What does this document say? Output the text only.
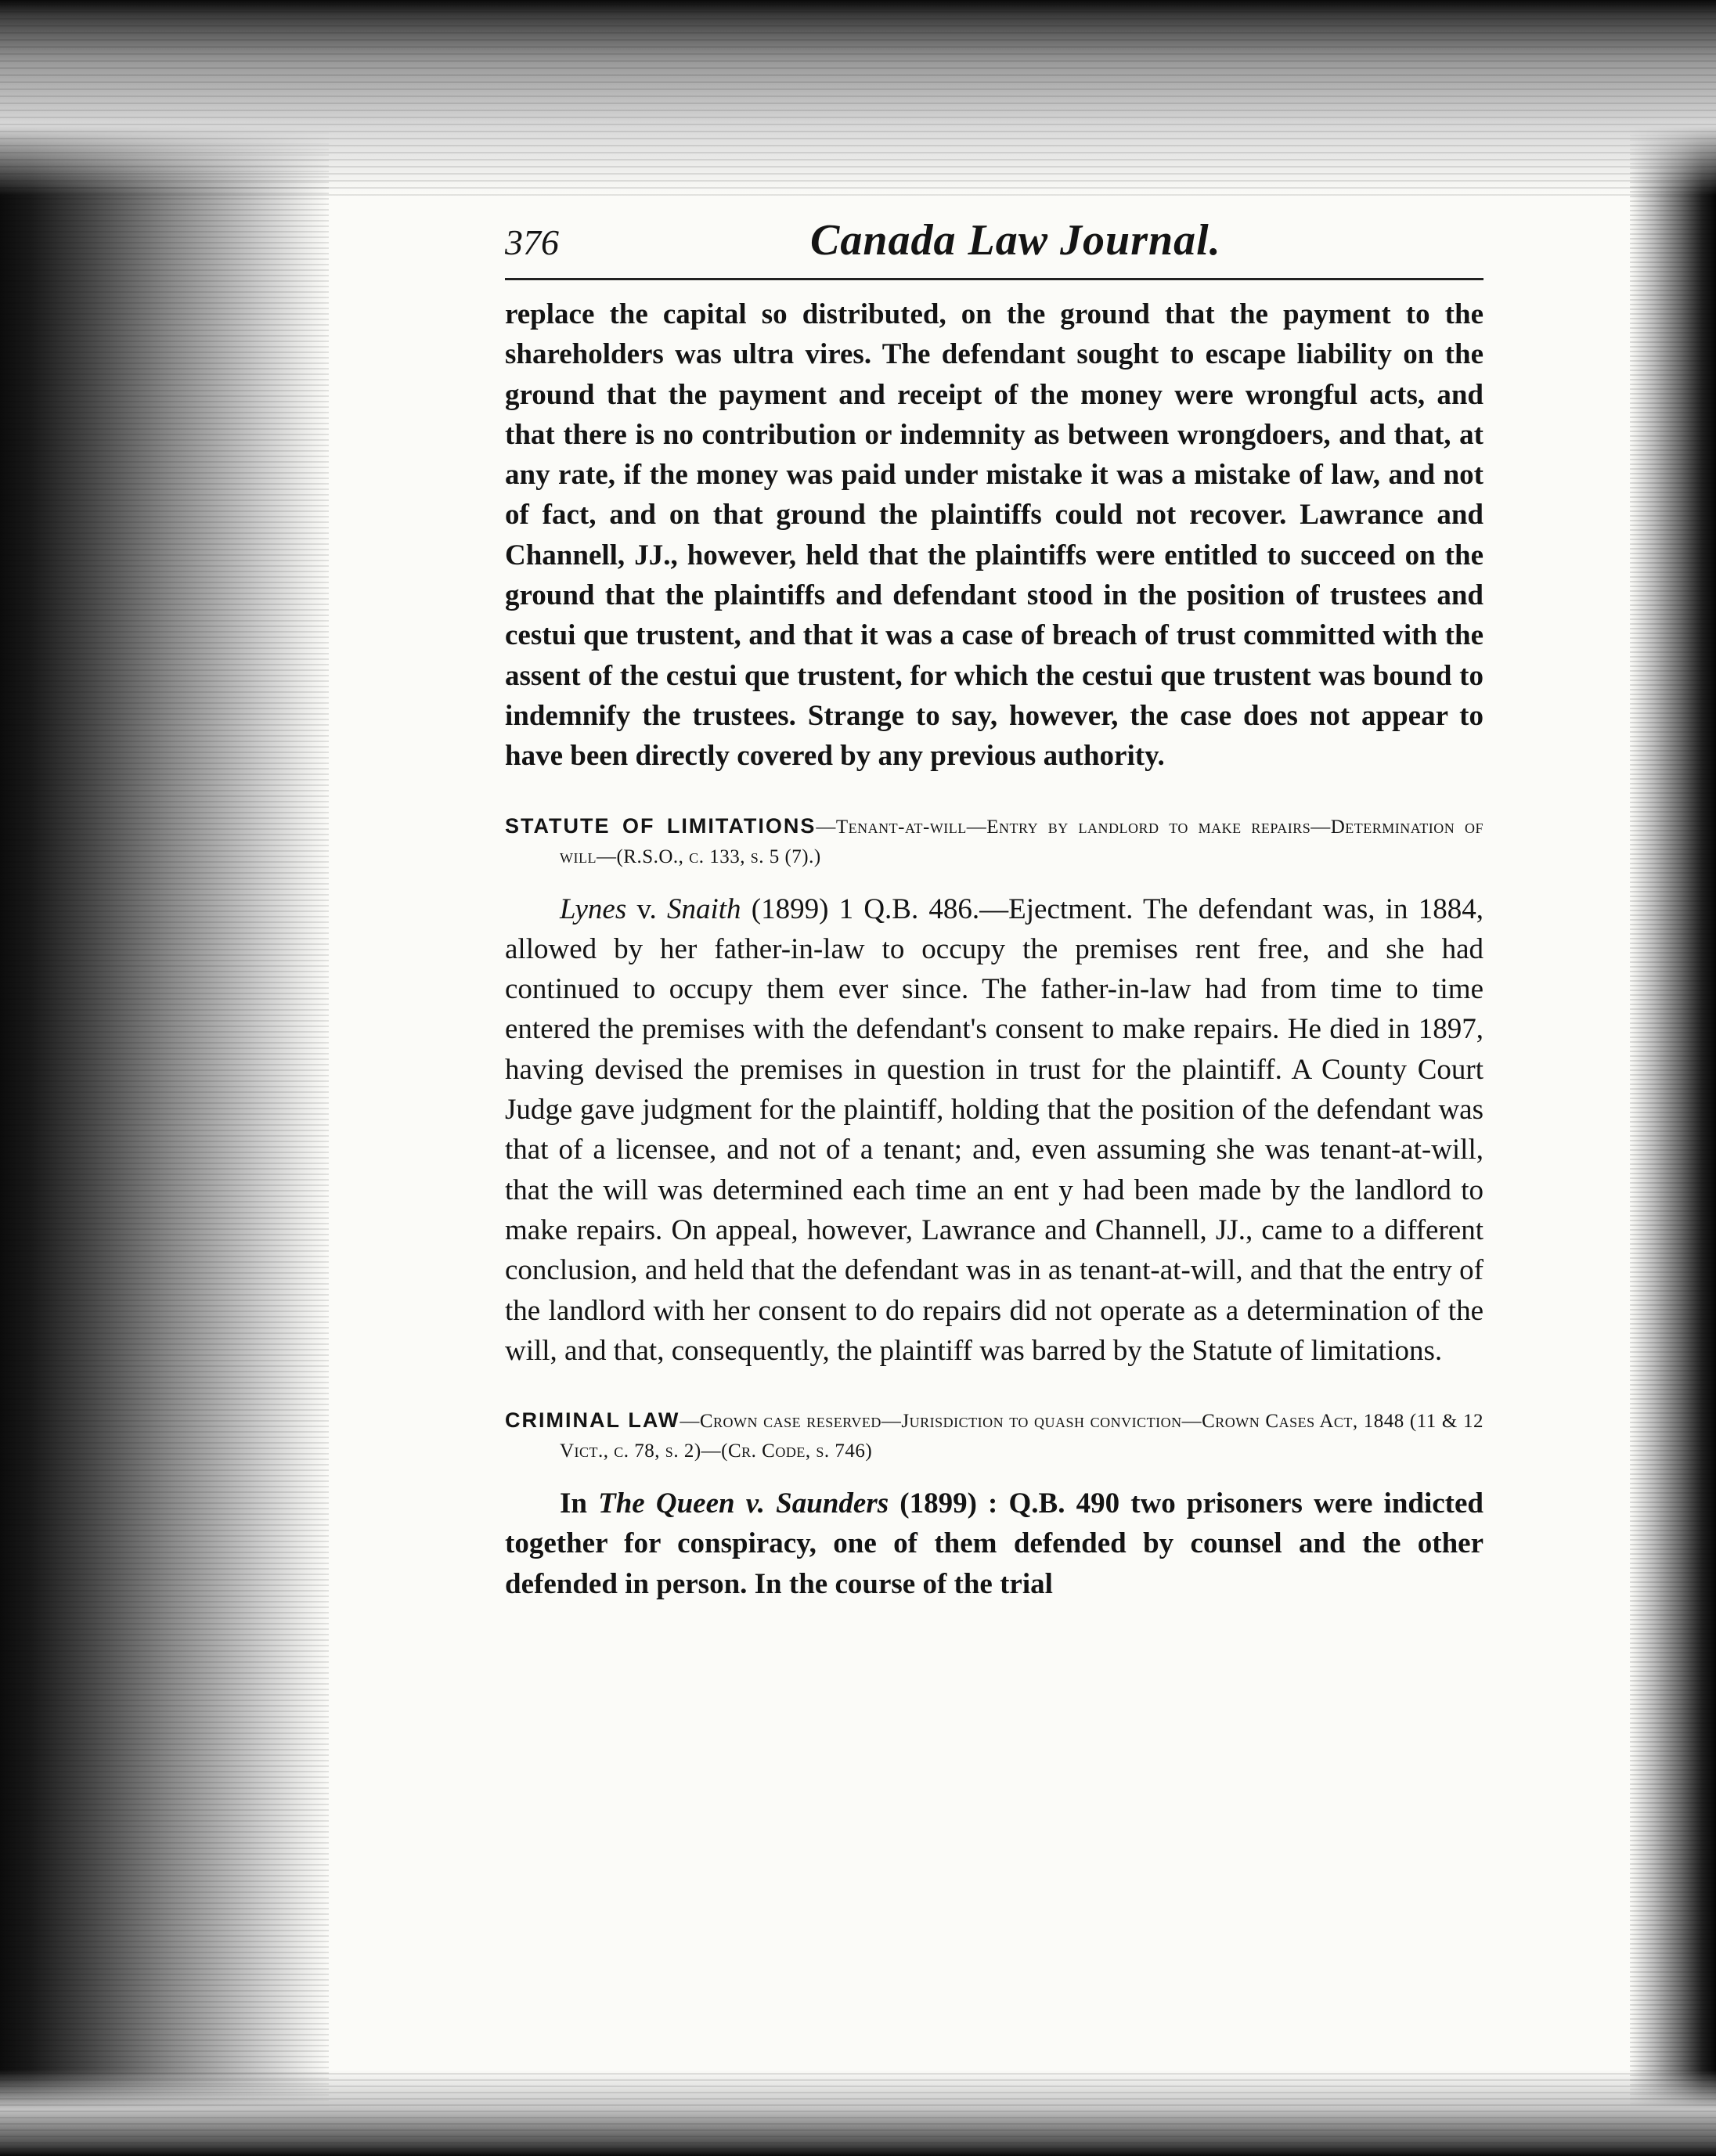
376	Canada Law Journal.

replace the capital so distributed, on the ground that the payment to the shareholders was ultra vires. The defendant sought to escape liability on the ground that the payment and receipt of the money were wrongful acts, and that there is no contribution or indemnity as between wrongdoers, and that, at any rate, if the money was paid under mistake it was a mistake of law, and not of fact, and on that ground the plaintiffs could not recover. Lawrance and Channell, JJ., however, held that the plaintiffs were entitled to succeed on the ground that the plaintiffs and defendant stood in the position of trustees and cestui que trustent, and that it was a case of breach of trust committed with the assent of the cestui que trustent, for which the cestui que trustent was bound to indemnify the trustees. Strange to say, however, the case does not appear to have been directly covered by any previous authority.

STATUTE OF LIMITATIONS—Tenant-at-will—Entry by landlord to make repairs—Determination of will—(R.S.O., c. 133, s. 5 (7).)

Lynes v. Snaith (1899) 1 Q.B. 486.—Ejectment. The defendant was, in 1884, allowed by her father-in-law to occupy the premises rent free, and she had continued to occupy them ever since. The father-in-law had from time to time entered the premises with the defendant's consent to make repairs. He died in 1897, having devised the premises in question in trust for the plaintiff. A County Court Judge gave judgment for the plaintiff, holding that the position of the defendant was that of a licensee, and not of a tenant; and, even assuming she was tenant-at-will, that the will was determined each time an ent y had been made by the landlord to make repairs. On appeal, however, Lawrance and Channell, JJ., came to a different conclusion, and held that the defendant was in as tenant-at-will, and that the entry of the landlord with her consent to do repairs did not operate as a determination of the will, and that, consequently, the plaintiff was barred by the Statute of limitations.

CRIMINAL LAW—Crown case reserved—Jurisdiction to quash conviction—Crown Cases Act, 1848 (11 & 12 Vict., c. 78, s. 2)—(Cr. Code, s. 746)

In The Queen v. Saunders (1899) : Q.B. 490 two prisoners were indicted together for conspiracy, one of them defended by counsel and the other defended in person. In the course of the trial
